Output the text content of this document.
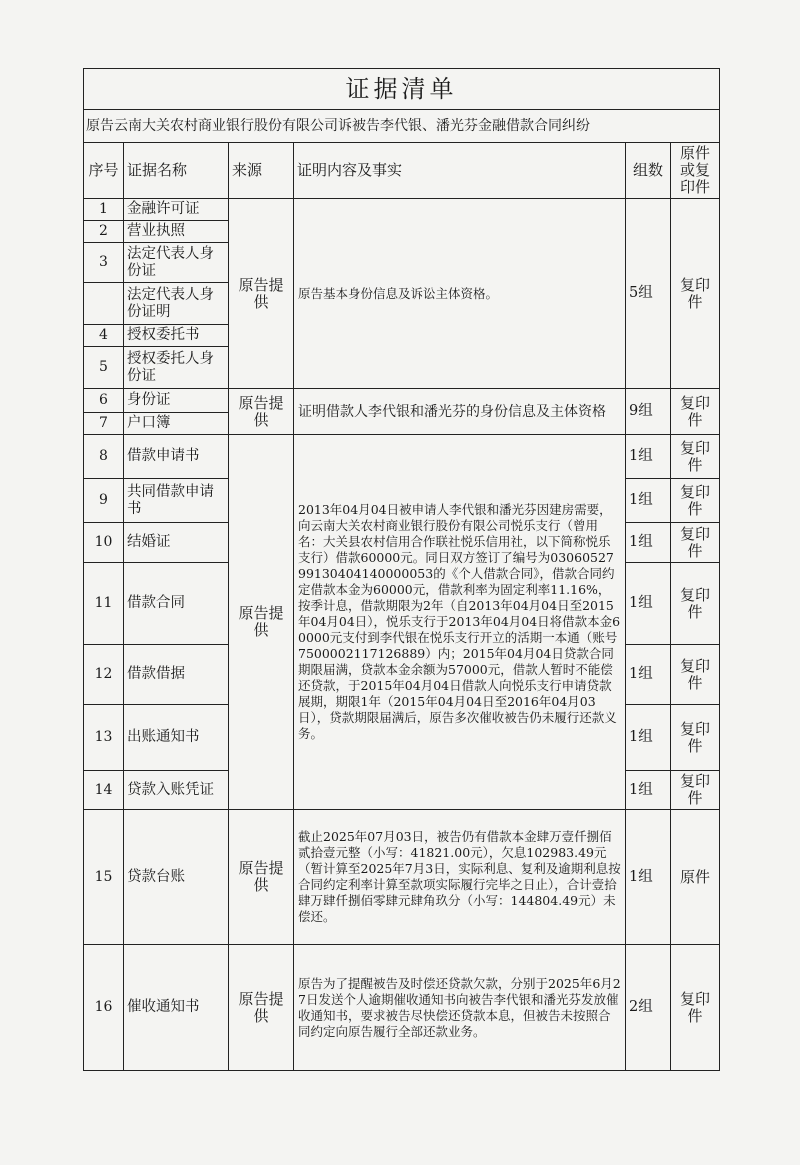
证据清单					
原告云南大关农村商业银行股份有限公司诉被告李代银、潘光芬金融借款合同纠纷					
序号	证据名称	来源	证明内容及事实	组数	原件或复印件
1	金融许可证	原告提供	原告基本身份信息及诉讼主体资格。	5组	复印件
2	营业执照				
3	法定代表人身份证				
	法定代表人身份证明				
4	授权委托书				
5	授权委托人身份证				
6	身份证	原告提供	证明借款人李代银和潘光芬的身份信息及主体资格	9组	复印件
7	户口簿				
8	借款申请书	原告提供	2013年04月04日被申请人李代银和潘光芬因建房需要，向云南大关农村商业银行股份有限公司悦乐支行（曾用名：大关县农村信用合作联社悦乐信用社，以下简称悦乐支行）借款60000元。同日双方签订了编号为0306052799130404140000053的《个人借款合同》，借款合同约定借款本金为60000元，借款利率为固定利率11.16%，按季计息，借款期限为2年（自2013年04月04日至2015年04月04日），悦乐支行于2013年04月04日将借款本金60000元支付到李代银在悦乐支行开立的活期一本通（账号7500002117126889）内；2015年04月04日贷款合同期限届满，贷款本金余额为57000元，借款人暂时不能偿还贷款，于2015年04月04日借款人向悦乐支行申请贷款展期，期限1年（2015年04月04日至2016年04月03日），贷款期限届满后，原告多次催收被告仍未履行还款义务。	1组	复印件
9	共同借款申请书			1组	复印件
10	结婚证			1组	复印件
11	借款合同			1组	复印件
12	借款借据			1组	复印件
13	出账通知书			1组	复印件
14	贷款入账凭证			1组	复印件
15	贷款台账	原告提供	截止2025年07月03日，被告仍有借款本金肆万壹仟捌佰贰拾壹元整（小写：41821.00元），欠息102983.49元（暂计算至2025年7月3日，实际利息、复利及逾期利息按合同约定利率计算至款项实际履行完毕之日止），合计壹拾肆万肆仟捌佰零肆元肆角玖分（小写：144804.49元）未偿还。	1组	原件
16	催收通知书	原告提供	原告为了提醒被告及时偿还贷款欠款，分别于2025年6月27日发送个人逾期催收通知书向被告李代银和潘光芬发放催收通知书，要求被告尽快偿还贷款本息，但被告未按照合同约定向原告履行全部还款业务。	2组	复印件
